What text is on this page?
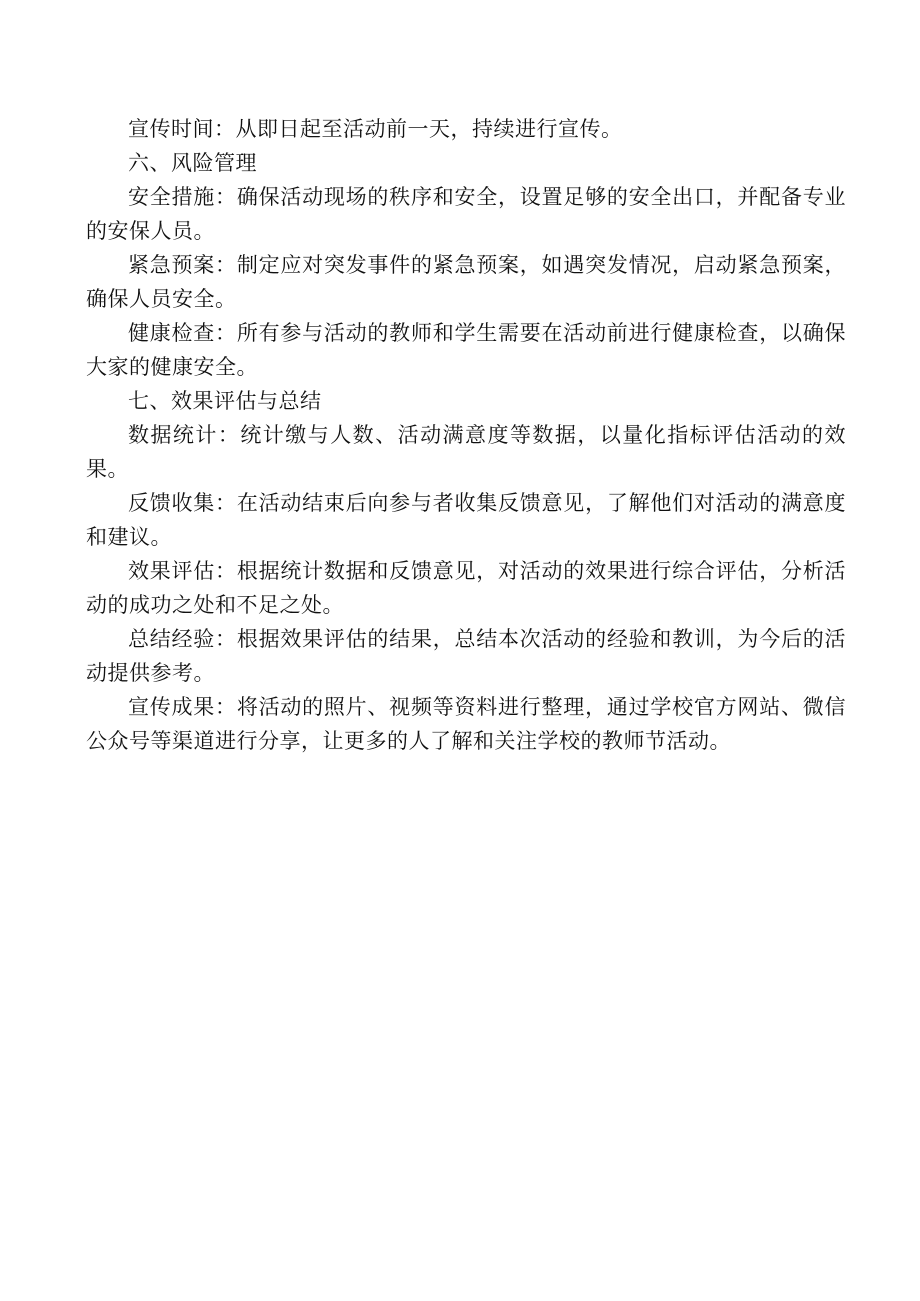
宣传时间：从即日起至活动前一天，持续进行宣传。

六、风险管理

安全措施：确保活动现场的秩序和安全，设置足够的安全出口，并配备专业的安保人员。

紧急预案：制定应对突发事件的紧急预案，如遇突发情况，启动紧急预案，确保人员安全。

健康检查：所有参与活动的教师和学生需要在活动前进行健康检查，以确保大家的健康安全。

七、效果评估与总结

数据统计：统计缴与人数、活动满意度等数据，以量化指标评估活动的效果。

反馈收集：在活动结束后向参与者收集反馈意见，了解他们对活动的满意度和建议。

效果评估：根据统计数据和反馈意见，对活动的效果进行综合评估，分析活动的成功之处和不足之处。

总结经验：根据效果评估的结果，总结本次活动的经验和教训，为今后的活动提供参考。

宣传成果：将活动的照片、视频等资料进行整理，通过学校官方网站、微信公众号等渠道进行分享，让更多的人了解和关注学校的教师节活动。
